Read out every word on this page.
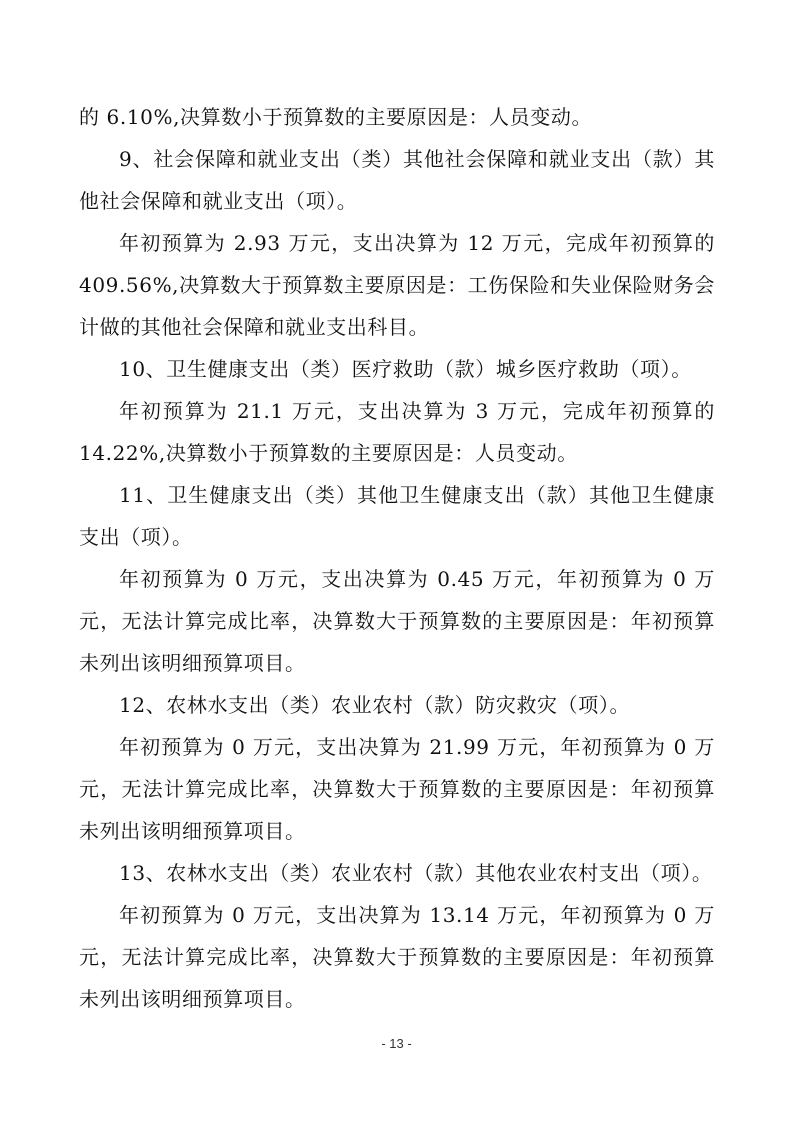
的 6.10%,决算数小于预算数的主要原因是：人员变动。

9、社会保障和就业支出（类）其他社会保障和就业支出（款）其他社会保障和就业支出（项）。

年初预算为 2.93 万元，支出决算为 12 万元，完成年初预算的 409.56%,决算数大于预算数主要原因是：工伤保险和失业保险财务会计做的其他社会保障和就业支出科目。

10、卫生健康支出（类）医疗救助（款）城乡医疗救助（项）。

年初预算为 21.1 万元，支出决算为 3 万元，完成年初预算的 14.22%,决算数小于预算数的主要原因是：人员变动。

11、卫生健康支出（类）其他卫生健康支出（款）其他卫生健康支出（项）。

年初预算为 0 万元，支出决算为 0.45 万元，年初预算为 0 万元，无法计算完成比率，决算数大于预算数的主要原因是：年初预算未列出该明细预算项目。

12、农林水支出（类）农业农村（款）防灾救灾（项）。

年初预算为 0 万元，支出决算为 21.99 万元，年初预算为 0 万元，无法计算完成比率，决算数大于预算数的主要原因是：年初预算未列出该明细预算项目。

13、农林水支出（类）农业农村（款）其他农业农村支出（项）。

年初预算为 0 万元，支出决算为 13.14 万元，年初预算为 0 万元，无法计算完成比率，决算数大于预算数的主要原因是：年初预算未列出该明细预算项目。

- 13 -
